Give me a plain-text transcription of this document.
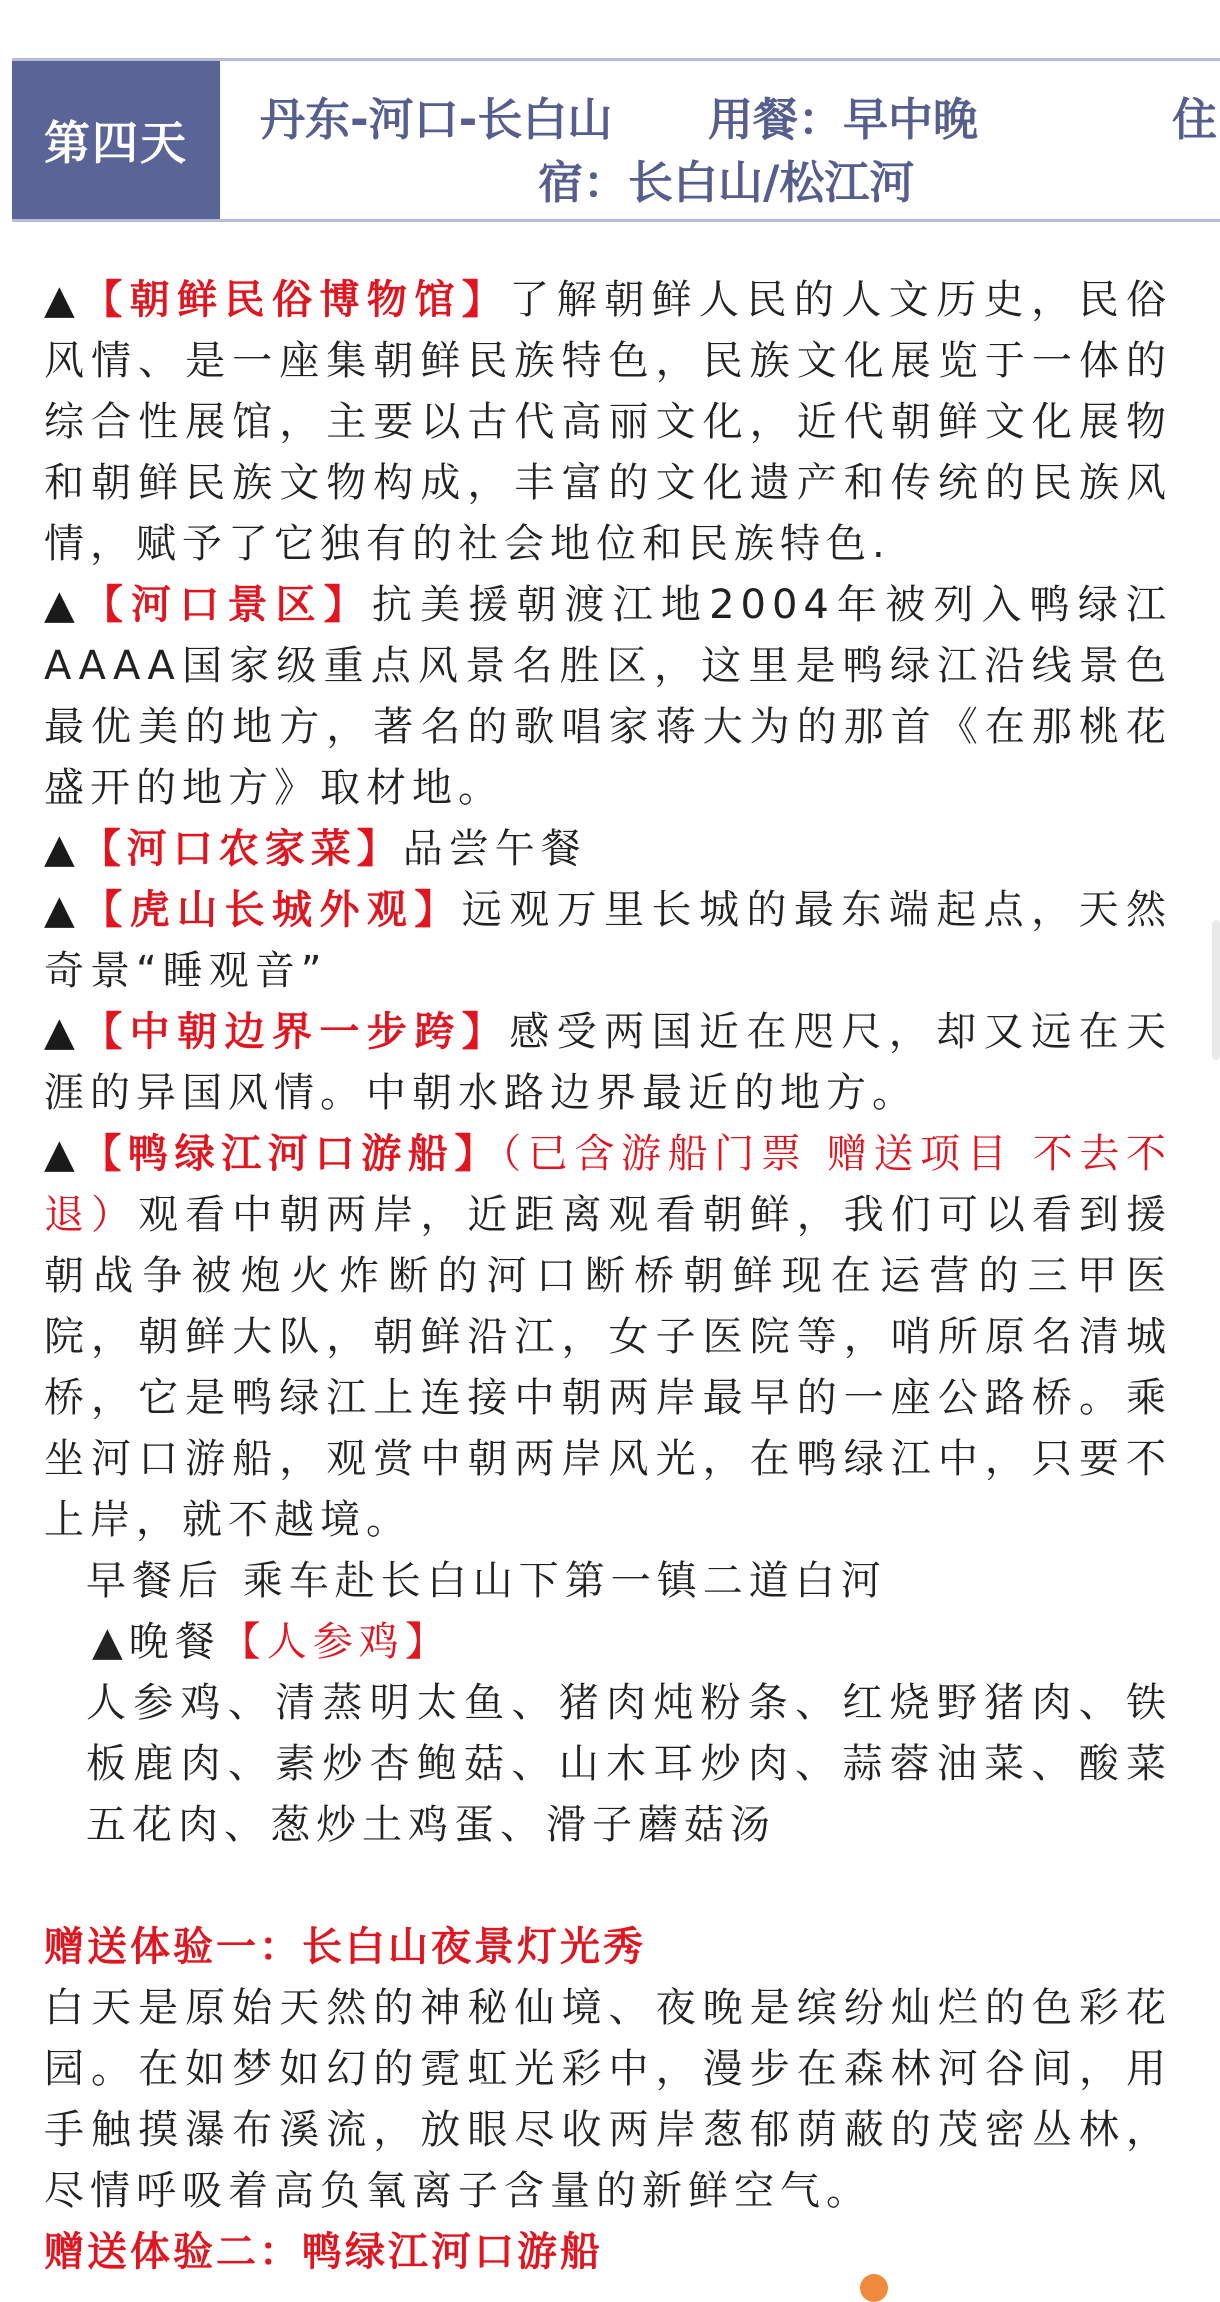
第四天	丹东-河口-长白山 用餐：早中晚	住
宿：长白山/松江河

▲【朝鲜民俗博物馆】了解朝鲜人民的人文历史，民俗风情、是一座集朝鲜民族特色，民族文化展览于一体的综合性展馆，主要以古代高丽文化，近代朝鲜文化展物和朝鲜民族文物构成，丰富的文化遗产和传统的民族风情，赋予了它独有的社会地位和民族特色.

▲【河口景区】抗美援朝渡江地2004年被列入鸭绿江AAAA国家级重点风景名胜区，这里是鸭绿江沿线景色最优美的地方，著名的歌唱家蒋大为的那首《在那桃花盛开的地方》取材地。

▲【河口农家菜】品尝午餐

▲【虎山长城外观】远观万里长城的最东端起点，天然奇景“睡观音”

▲【中朝边界一步跨】感受两国近在咫尺，却又远在天涯的异国风情。中朝水路边界最近的地方。

▲【鸭绿江河口游船】（已含游船门票 赠送项目 不去不退）观看中朝两岸，近距离观看朝鲜，我们可以看到援朝战争被炮火炸断的河口断桥朝鲜现在运营的三甲医院，朝鲜大队，朝鲜沿江，女子医院等，哨所原名清城桥，它是鸭绿江上连接中朝两岸最早的一座公路桥。乘坐河口游船，观赏中朝两岸风光，在鸭绿江中，只要不上岸，就不越境。

早餐后 乘车赴长白山下第一镇二道白河

▲晚餐【人参鸡】

人参鸡、清蒸明太鱼、猪肉炖粉条、红烧野猪肉、铁板鹿肉、素炒杏鲍菇、山木耳炒肉、蒜蓉油菜、酸菜五花肉、葱炒土鸡蛋、滑子蘑菇汤

赠送体验一：长白山夜景灯光秀

白天是原始天然的神秘仙境、夜晚是缤纷灿烂的色彩花园。在如梦如幻的霓虹光彩中，漫步在森林河谷间，用手触摸瀑布溪流，放眼尽收两岸葱郁荫蔽的茂密丛林，尽情呼吸着高负氧离子含量的新鲜空气。

赠送体验二：鸭绿江河口游船
